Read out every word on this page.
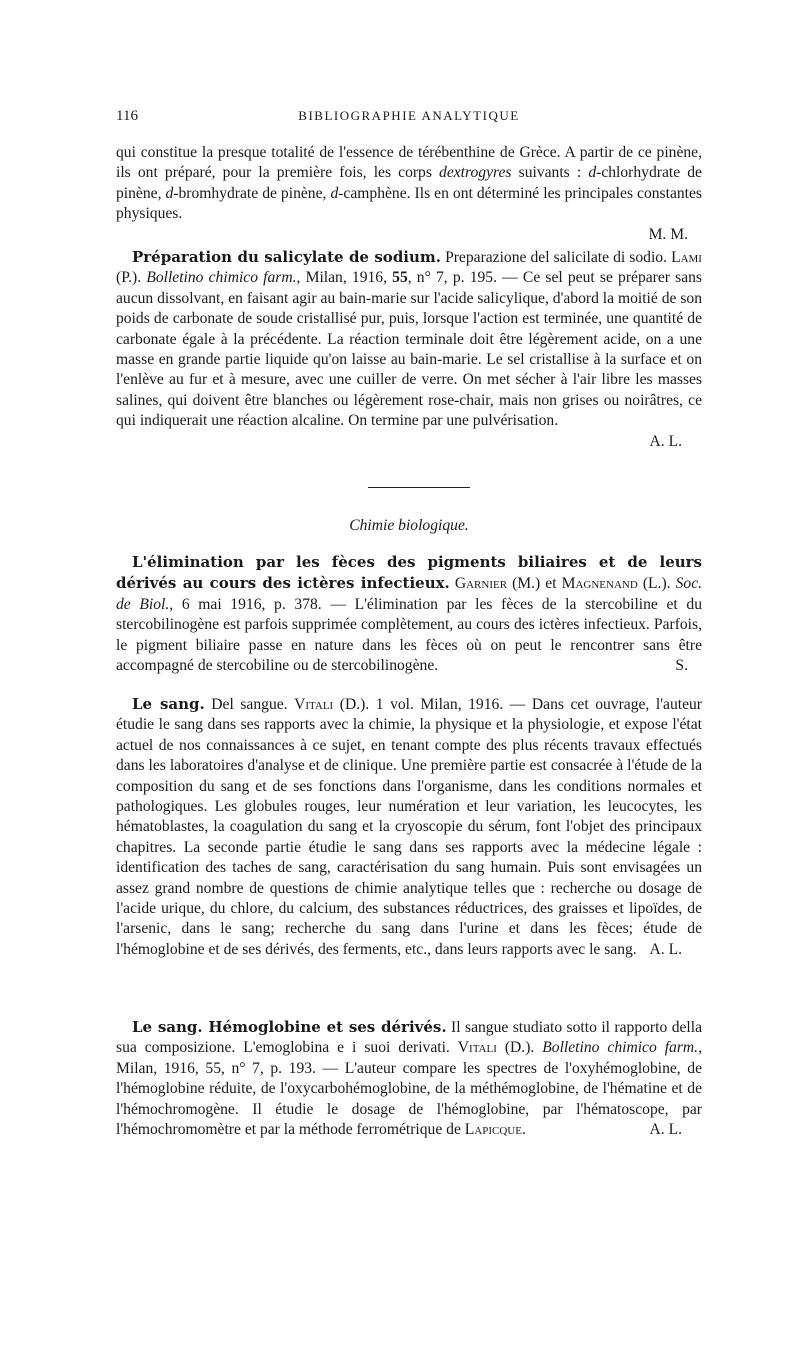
116	BIBLIOGRAPHIE ANALYTIQUE

qui constitue la presque totalité de l'essence de térébenthine de Grèce. A partir de ce pinène, ils ont préparé, pour la première fois, les corps dextrogyres suivants : d-chlorhydrate de pinène, d-bromhydrate de pinène, d-camphène. Ils en ont déterminé les principales constantes physiques.

M. M.

Préparation du salicylate de sodium. Preparazione del salicilate di sodio. Lami (P.). Bolletino chimico farm., Milan, 1916, 55, n° 7, p. 195. — Ce sel peut se préparer sans aucun dissolvant, en faisant agir au bain-marie sur l'acide salicylique, d'abord la moitié de son poids de carbonate de soude cristallisé pur, puis, lorsque l'action est terminée, une quantité de carbonate égale à la précédente. La réaction terminale doit être légèrement acide, on a une masse en grande partie liquide qu'on laisse au bain-marie. Le sel cristallise à la surface et on l'enlève au fur et à mesure, avec une cuiller de verre. On met sécher à l'air libre les masses salines, qui doivent être blanches ou légèrement rose-chair, mais non grises ou noirâtres, ce qui indiquerait une réaction alcaline. On termine par une pulvérisation.

A. L.

Chimie biologique.

L'élimination par les fèces des pigments biliaires et de leurs dérivés au cours des ictères infectieux. Garnier (M.) et Magnenand (L.). Soc. de Biol., 6 mai 1916, p. 378. — L'élimination par les fèces de la stercobiline et du stercobilinogène est parfois supprimée complètement, au cours des ictères infectieux. Parfois, le pigment biliaire passe en nature dans les fèces où on peut le rencontrer sans être accompagné de stercobiline ou de stercobilinogène.	S.

Le sang. Del sangue. Vitali (D.). 1 vol. Milan, 1916. — Dans cet ouvrage, l'auteur étudie le sang dans ses rapports avec la chimie, la physique et la physiologie, et expose l'état actuel de nos connaissances à ce sujet, en tenant compte des plus récents travaux effectués dans les laboratoires d'analyse et de clinique. Une première partie est consacrée à l'étude de la composition du sang et de ses fonctions dans l'organisme, dans les conditions normales et pathologiques. Les globules rouges, leur numération et leur variation, les leucocytes, les hématoblastes, la coagulation du sang et la cryoscopie du sérum, font l'objet des principaux chapitres. La seconde partie étudie le sang dans ses rapports avec la médecine légale : identification des taches de sang, caractérisation du sang humain. Puis sont envisagées un assez grand nombre de questions de chimie analytique telles que : recherche ou dosage de l'acide urique, du chlore, du calcium, des substances réductrices, des graisses et lipoïdes, de l'arsenic, dans le sang; recherche du sang dans l'urine et dans les fèces; étude de l'hémoglobine et de ses dérivés, des ferments, etc., dans leurs rapports avec le sang. A. L.

Le sang. Hémoglobine et ses dérivés. Il sangue studiato sotto il rapporto della sua composizione. L'emoglobina e i suoi derivati. Vitali (D.). Bolletino chimico farm., Milan, 1916, 55, n° 7, p. 193. — L'auteur compare les spectres de l'oxyhémoglobine, de l'hémoglobine réduite, de l'oxycarbohémoglobine, de la méthémoglobine, de l'hématine et de l'hémochromogène. Il étudie le dosage de l'hémoglobine, par l'hématoscope, par l'hémochromomètre et par la méthode ferrométrique de Lapicque.	A. L.
